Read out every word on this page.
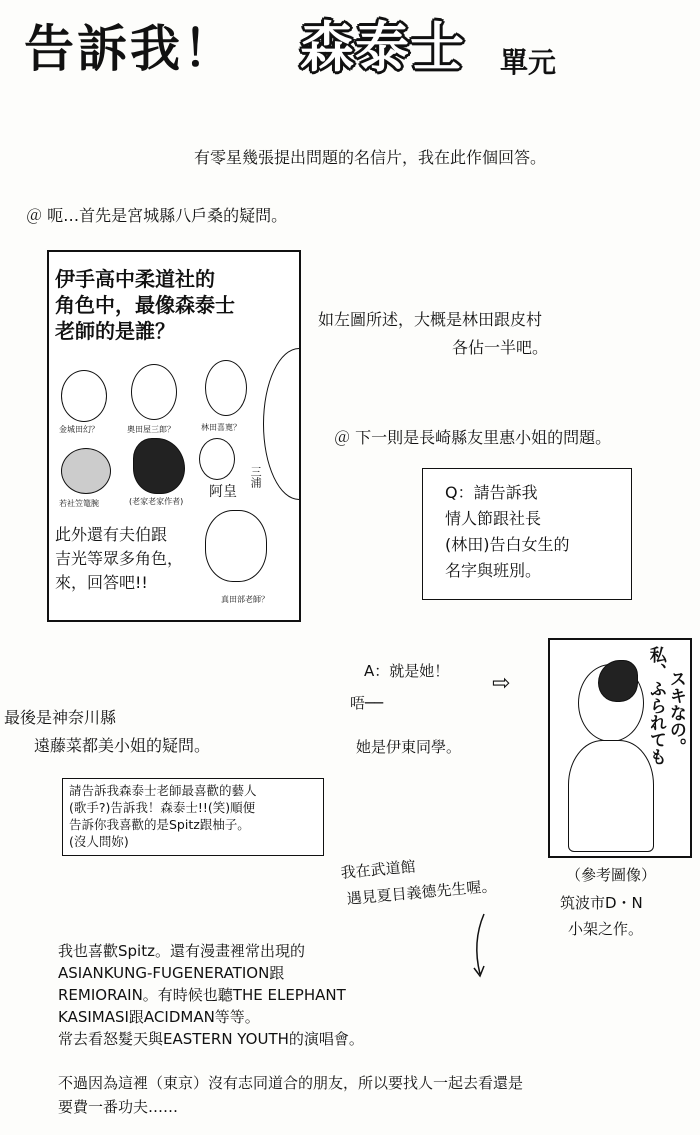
告訴我！ 森泰士 單元
有零星幾張提出問題的名信片，我在此作個回答。
＠ 呃…首先是宮城縣八戶桑的疑問。
伊手高中柔道社的
角色中，最像森泰士
老師的是誰？
金城田幻？	奧田屋三郎？	林田喜寛？
若社笠篭腕	(老家老家作者)
阿皇
三浦
此外還有夫伯跟
吉光等眾多角色，
來，回答吧!!
真田部老師？
如左圖所述，大概是林田跟皮村
各佔一半吧。
＠ 下一則是長崎縣友里惠小姐的問題。
Q：請告訴我
情人節跟社長
(林田)告白女生的
名字與班別。
A：就是她！ ⇨
唔──
她是伊東同學。	私、ふられても スキなの。
（參考圖像）
筑波市D・N
小架之作。
最後是神奈川縣
遠藤菜都美小姐的疑問。
請告訴我森泰士老師最喜歡的藝人
(歌手?)告訴我！森泰士!!(笑)順便
告訴你我喜歡的是Spitz跟柚子。
(沒人問妳)
我在武道館
遇見夏目義德先生喔。
我也喜歡Spitz。還有漫畫裡常出現的
ASIANKUNG-FUGENERATION跟
REMIORAIN。有時候也聽THE ELEPHANT
KASIMASI跟ACIDMAN等等。
常去看怒髮天與EASTERN YOUTH的演唱會。
不過因為這裡（東京）沒有志同道合的朋友，所以要找人一起去看還是
要費一番功夫……
